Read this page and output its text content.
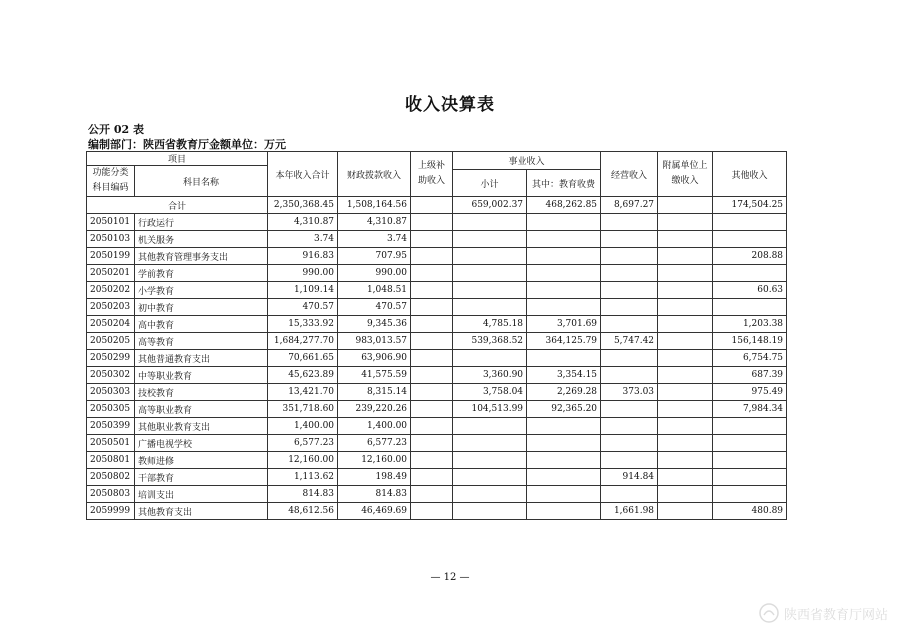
收入决算表
公开 02 表
编制部门：陕西省教育厅金额单位：万元
项目		本年收入合计	财政拨款收入	上级补助收入	事业收入		经营收入	附属单位上缴收入	其他收入
功能分类科目编码	科目名称								
					小计	其中：教育收费			
合计		2,350,368.45	1,508,164.56		659,002.37	468,262.85	8,697.27		174,504.25
2050101	行政运行	4,310.87	4,310.87						
2050103	机关服务	3.74	3.74						
2050199	其他教育管理事务支出	916.83	707.95						208.88
2050201	学前教育	990.00	990.00						
2050202	小学教育	1,109.14	1,048.51						60.63
2050203	初中教育	470.57	470.57						
2050204	高中教育	15,333.92	9,345.36		4,785.18	3,701.69			1,203.38
2050205	高等教育	1,684,277.70	983,013.57		539,368.52	364,125.79	5,747.42		156,148.19
2050299	其他普通教育支出	70,661.65	63,906.90						6,754.75
2050302	中等职业教育	45,623.89	41,575.59		3,360.90	3,354.15			687.39
2050303	技校教育	13,421.70	8,315.14		3,758.04	2,269.28	373.03		975.49
2050305	高等职业教育	351,718.60	239,220.26		104,513.99	92,365.20			7,984.34
2050399	其他职业教育支出	1,400.00	1,400.00						
2050501	广播电视学校	6,577.23	6,577.23						
2050801	教师进修	12,160.00	12,160.00						
2050802	干部教育	1,113.62	198.49				914.84		
2050803	培训支出	814.83	814.83						
2059999	其他教育支出	48,612.56	46,469.69				1,661.98		480.89
— 12 —
陕西省教育厅网站
